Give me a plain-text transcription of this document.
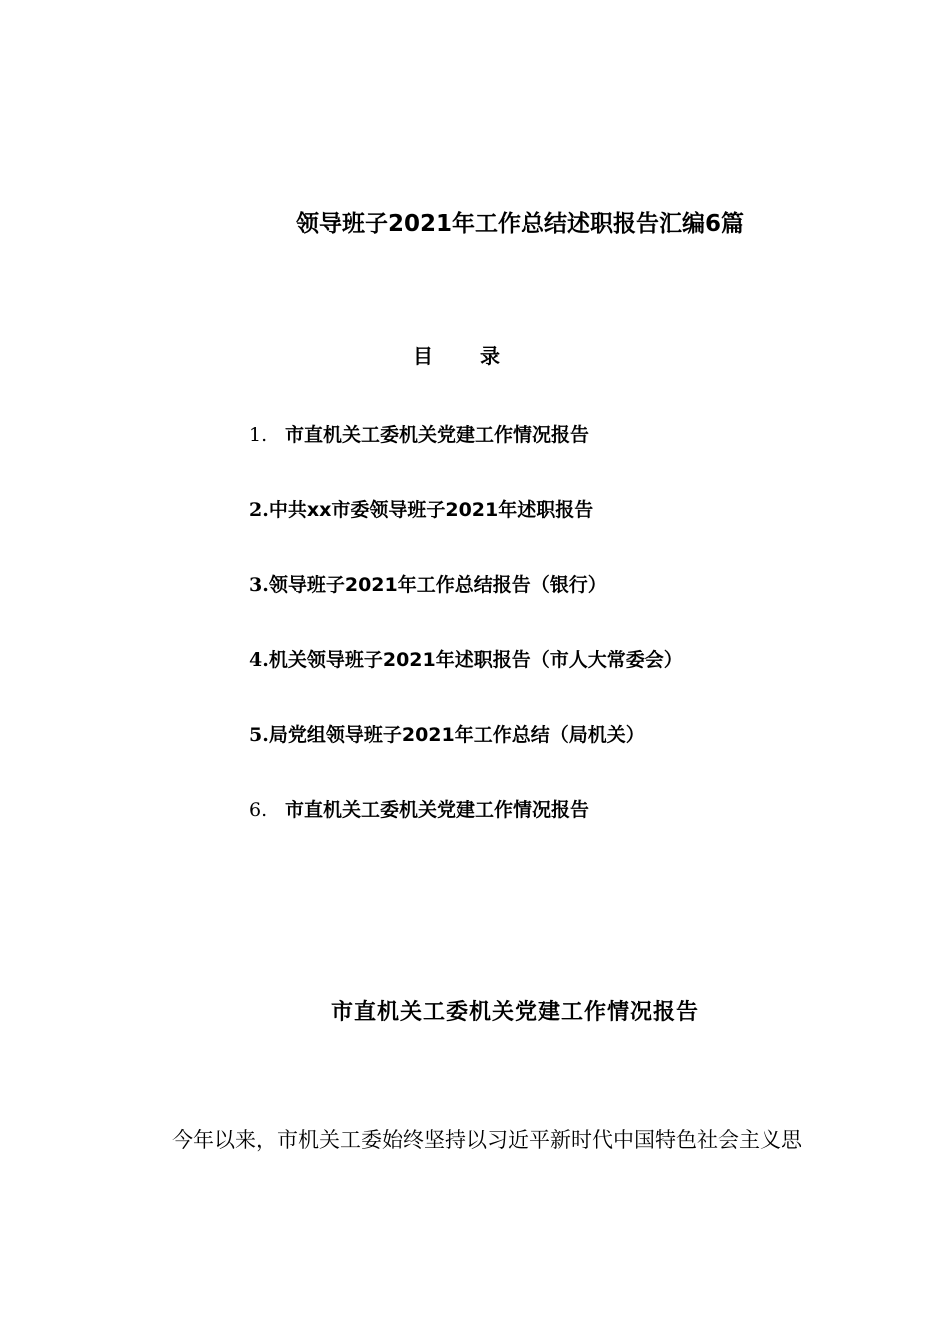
领导班子2021年工作总结述职报告汇编6篇
目 录
1. 市直机关工委机关党建工作情况报告
2.中共xx市委领导班子2021年述职报告
3.领导班子2021年工作总结报告（银行）
4.机关领导班子2021年述职报告（市人大常委会）
5.局党组领导班子2021年工作总结（局机关）
6. 市直机关工委机关党建工作情况报告
市直机关工委机关党建工作情况报告
今年以来，市机关工委始终坚持以习近平新时代中国特色社会主义思
